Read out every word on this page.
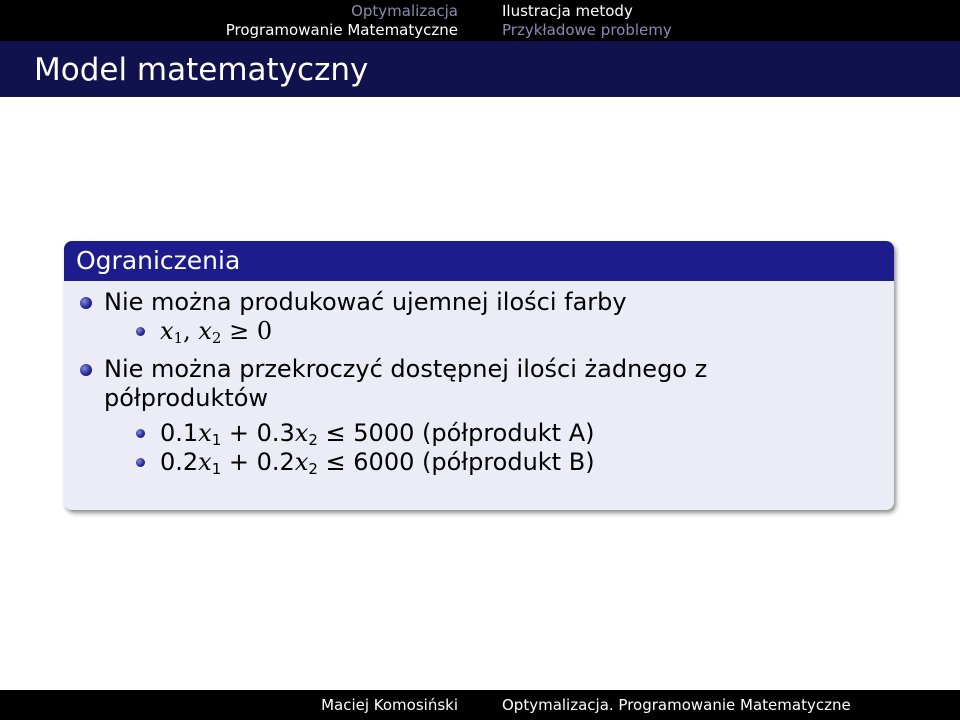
Optymalizacja
Programowanie Matematyczne
Ilustracja metody
Przykładowe problemy
Model matematyczny
Ograniczenia
Nie można produkować ujemnej ilości farby
$x_1$, $x_2 \ge 0$
Nie można przekroczyć dostępnej ilości żadnego z półproduktów
$0.1x_1 + 0.3x_2 \le 5000$ (półprodukt A)
$0.2x_1 + 0.2x_2 \le 6000$ (półprodukt B)
Maciej Komosiński	Optymalizacja. Programowanie Matematyczne
